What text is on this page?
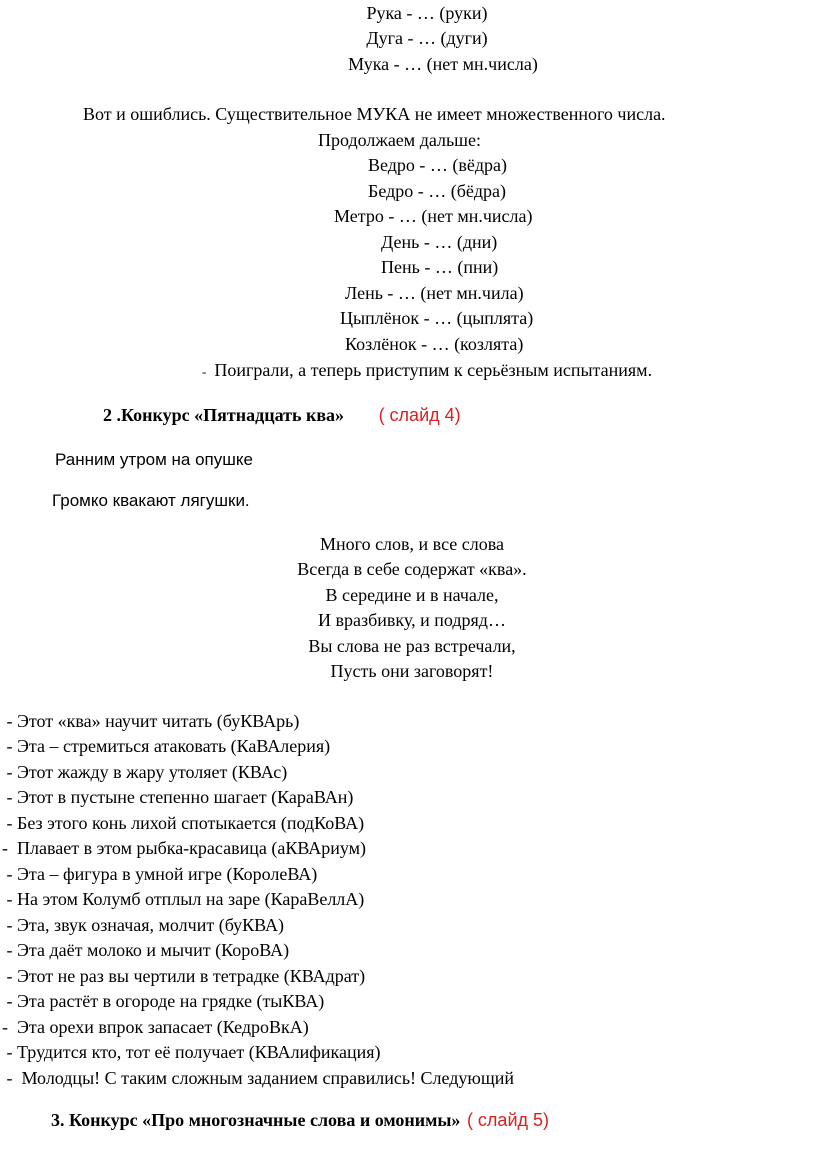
Рука - … (руки)
Дуга - … (дуги)
Мука - … (нет мн.числа)
Вот и ошиблись. Существительное МУКА не имеет множественного числа.
Продолжаем дальше:
Ведро - … (вёдра)
Бедро - … (бёдра)
Метро - … (нет мн.числа)
День - … (дни)
Пень - … (пни)
Лень - … (нет мн.чила)
Цыплёнок - … (цыплята)
Козлёнок - … (козлята)
- Поиграли, а теперь приступим к серьёзным испытаниям.
2 .Конкурс «Пятнадцать ква» ( слайд 4)
Ранним утром на опушке
Громко квакают лягушки.
Много слов, и все слова
Всегда в себе содержат «ква».
В середине и в начале,
И вразбивку, и подряд…
Вы слова не раз встречали,
Пусть они заговорят!
- Этот «ква» научит читать (буКВАрь)
- Эта – стремиться атаковать (КаВАлерия)
- Этот жажду в жару утоляет (КВАс)
- Этот в пустыне степенно шагает (КараВАн)
- Без этого конь лихой спотыкается (подКоВА)
-  Плавает в этом рыбка-красавица (аКВАриум)
- Эта – фигура в умной игре (КоролеВА)
- На этом Колумб отплыл на заре (КараВеллА)
- Эта, звук означая, молчит (буКВА)
- Эта даёт молоко и мычит (КороВА)
- Этот не раз вы чертили в тетрадке (КВАдрат)
- Эта растёт в огороде на грядке (тыКВА)
-  Эта орехи впрок запасает (КедроВкА)
- Трудится кто, тот её получает (КВАлификация)
-  Молодцы! С таким сложным заданием справились! Следующий
3. Конкурс «Про многозначные слова и омонимы» ( слайд 5)
